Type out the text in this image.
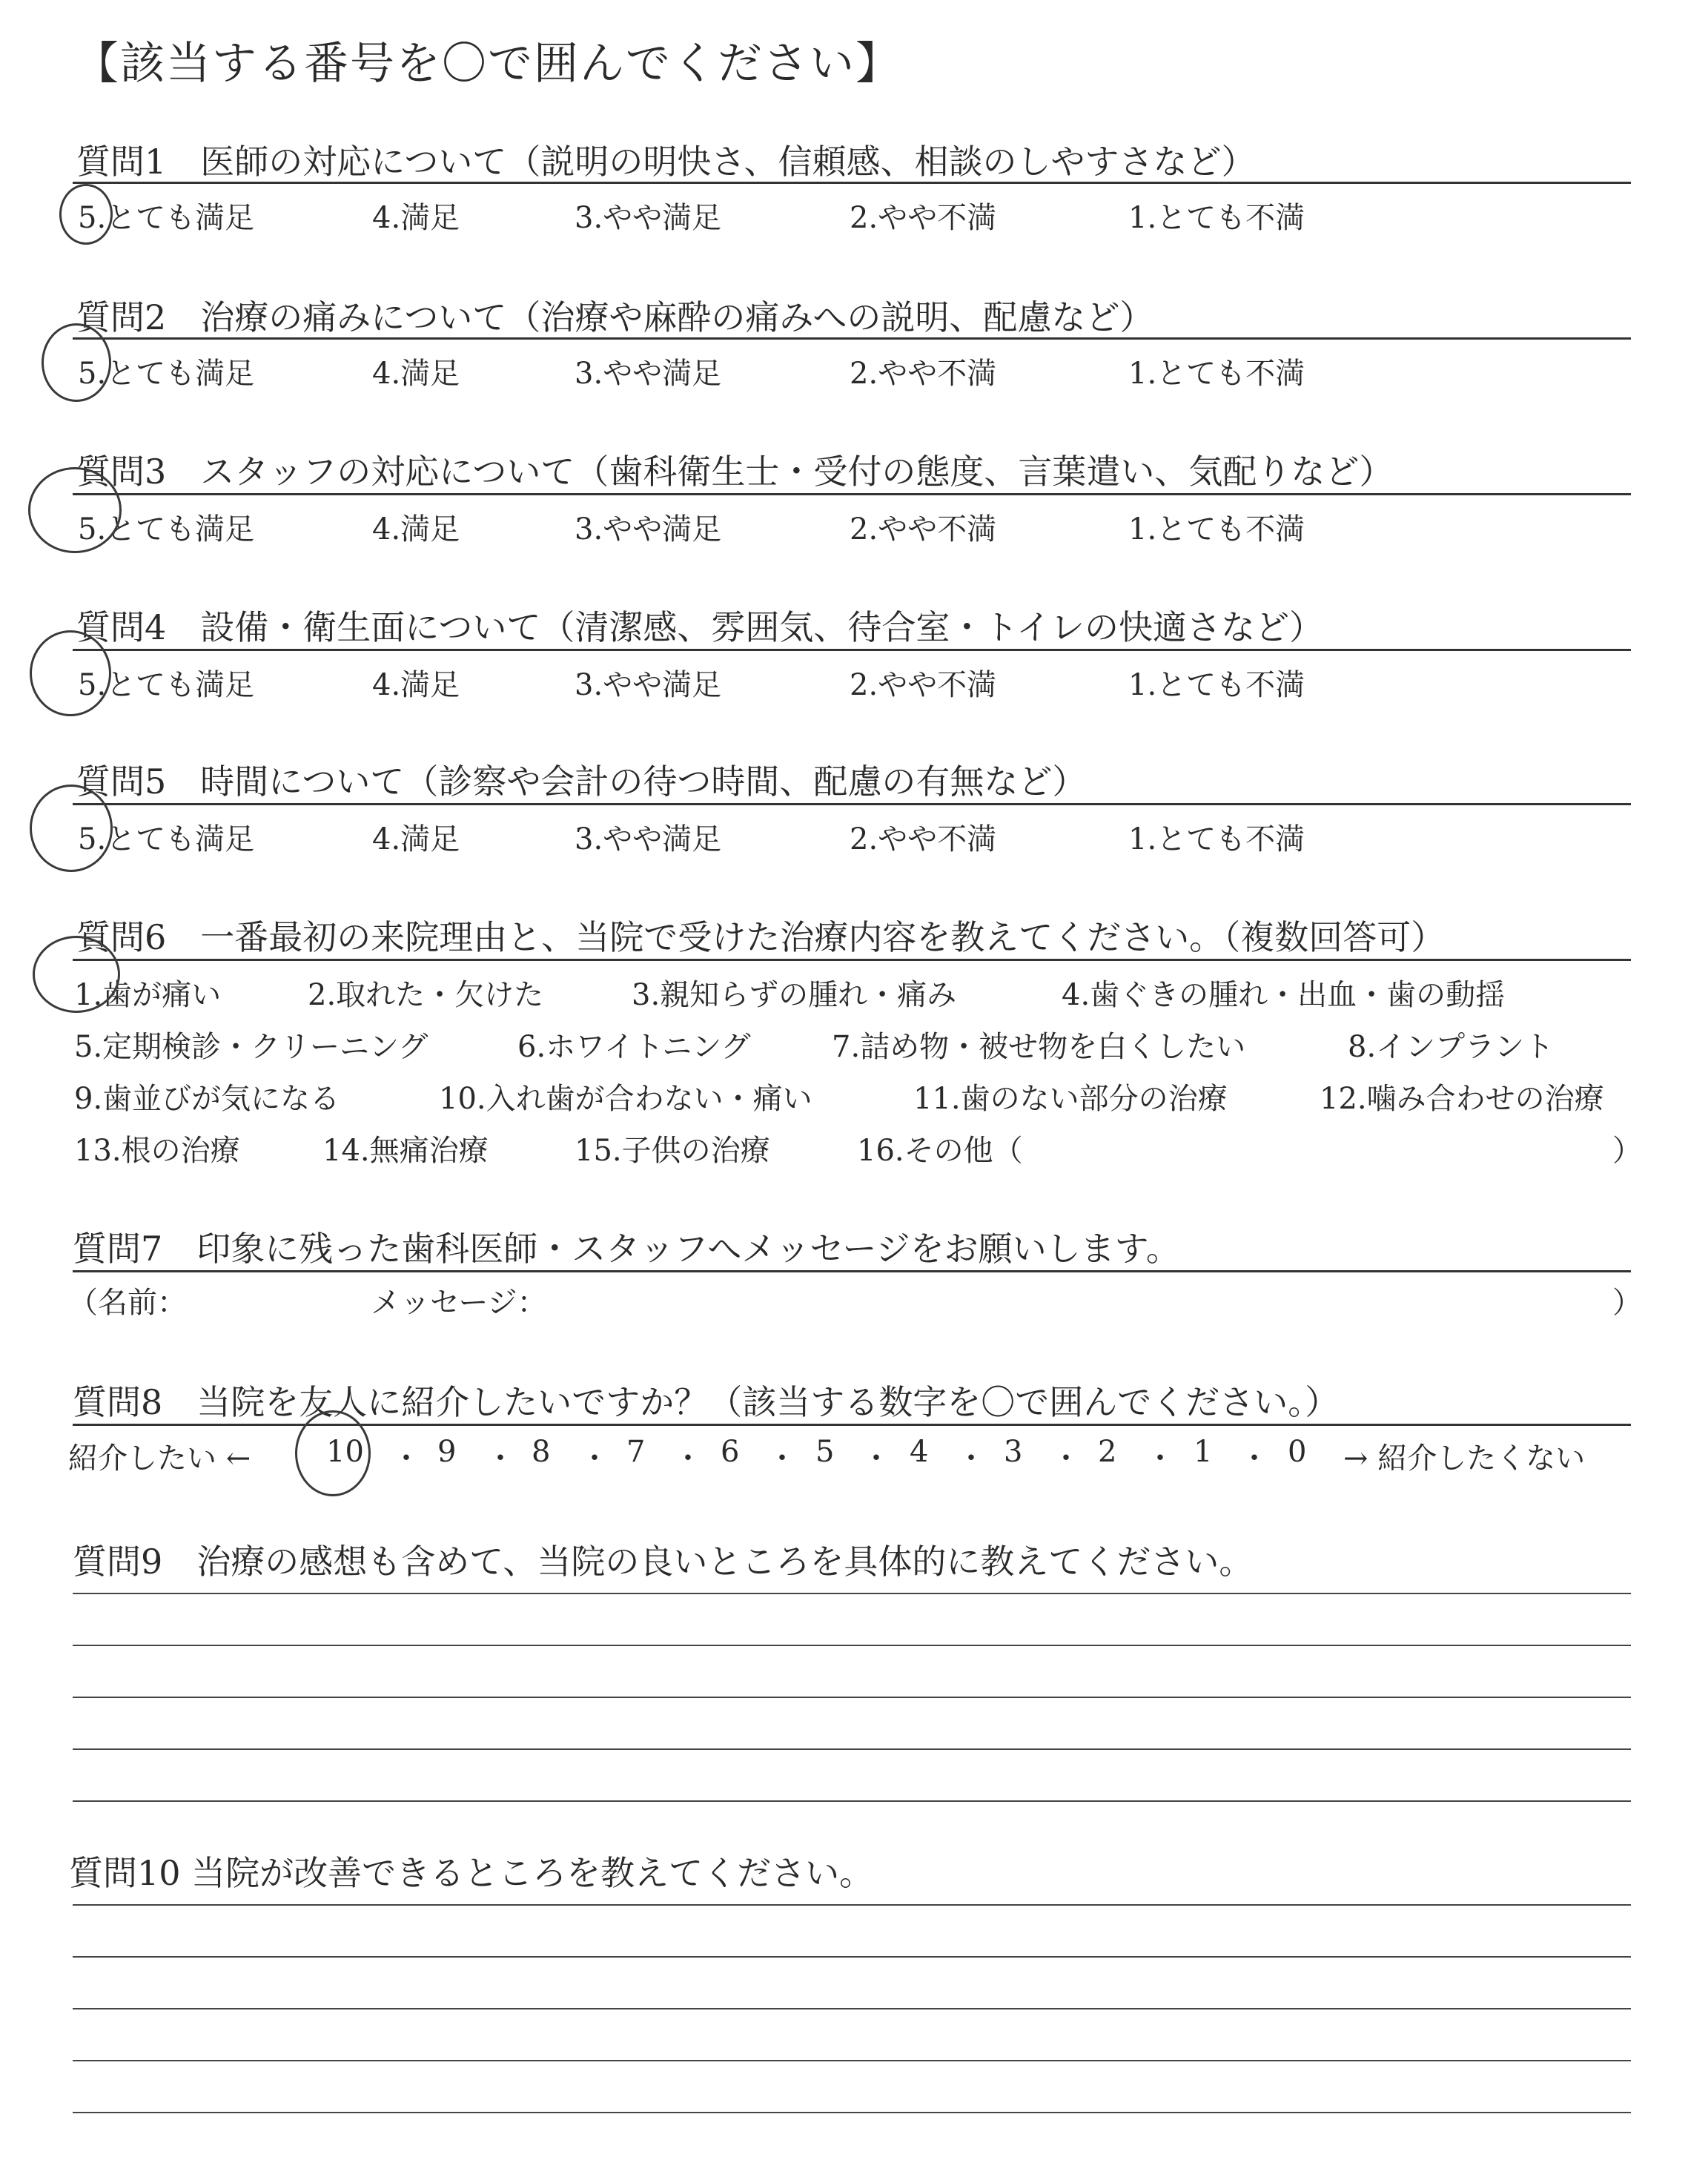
【該当する番号を〇で囲んでください】
質問1　医師の対応について（説明の明快さ、信頼感、相談のしやすさなど）
5.とても満足	4.満足	3.やや満足	2.やや不満	1.とても不満
質問2　治療の痛みについて（治療や麻酔の痛みへの説明、配慮など）
5.とても満足	4.満足	3.やや満足	2.やや不満	1.とても不満
質問3　スタッフの対応について（歯科衛生士・受付の態度、言葉遣い、気配りなど）
5.とても満足	4.満足	3.やや満足	2.やや不満	1.とても不満
質問4　設備・衛生面について（清潔感、雰囲気、待合室・トイレの快適さなど）
5.とても満足	4.満足	3.やや満足	2.やや不満	1.とても不満
質問5　時間について（診察や会計の待つ時間、配慮の有無など）
5.とても満足	4.満足	3.やや満足	2.やや不満	1.とても不満
質問6　一番最初の来院理由と、当院で受けた治療内容を教えてください。（複数回答可）
1.歯が痛い	2.取れた・欠けた	3.親知らずの腫れ・痛み	4.歯ぐきの腫れ・出血・歯の動揺
5.定期検診・クリーニング	6.ホワイトニング	7.詰め物・被せ物を白くしたい	8.インプラント
9.歯並びが気になる	10.入れ歯が合わない・痛い	11.歯のない部分の治療	12.噛み合わせの治療
13.根の治療	14.無痛治療	15.子供の治療	16.その他（	）
質問7　印象に残った歯科医師・スタッフへメッセージをお願いします。
（名前：	メッセージ：	）
質問8　当院を友人に紹介したいですか？（該当する数字を〇で囲んでください。）
紹介したい ←	10 ・ 9 ・ 8 ・ 7 ・ 6 ・ 5 ・ 4 ・ 3 ・ 2 ・ 1 ・ 0 → 紹介したくない
質問9　治療の感想も含めて、当院の良いところを具体的に教えてください。
質問10 当院が改善できるところを教えてください。
